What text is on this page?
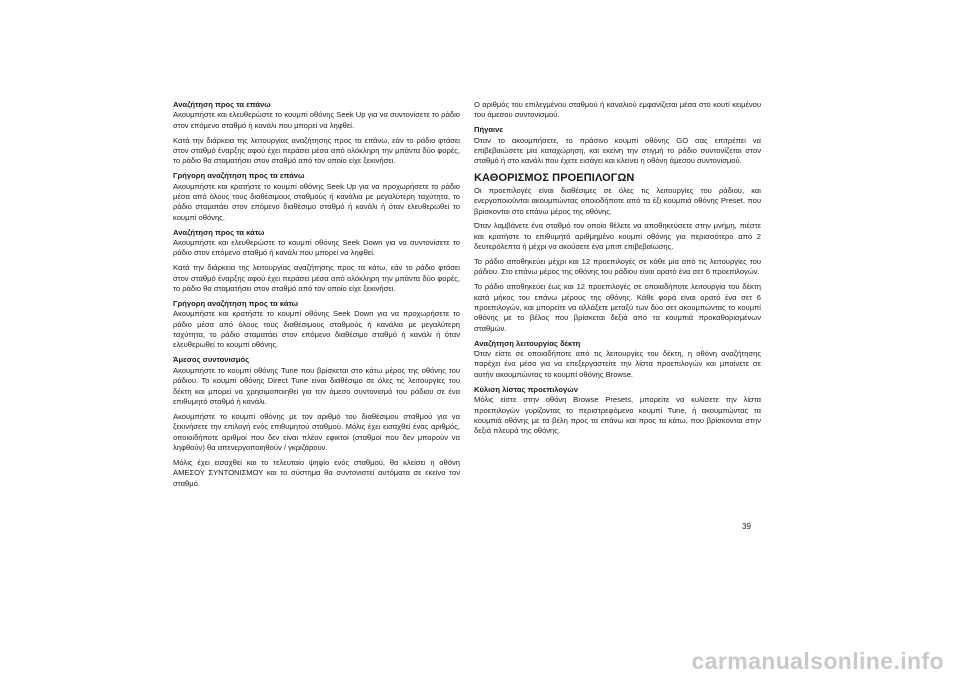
Αναζήτηση προς τα επάνω

Ακουμπήστε και ελευθερώστε το κουμπί οθόνης Seek Up για να συντονίσετε το ράδιο στον επόμενο σταθμό ή κανάλι που μπορεί να ληφθεί.

Κατά την διάρκεια της λειτουργίας αναζήτησης προς τα επάνω, εάν το ράδιο φτάσει στον σταθμό έναρξης αφού έχει περάσει μέσα από ολόκληρη την μπάντα δύο φορές, το ράδιο θα σταματήσει στον σταθμό από τον οποίο είχε ξεκινήσει.

Γρήγορη αναζήτηση προς τα επάνω

Ακουμπήστε και κρατήστε το κουμπί οθόνης Seek Up για να προχωρήσετε το ράδιο μέσα από όλους τους διαθέσιμους σταθμούς ή κανάλια με μεγαλύτερη ταχύτητα, το ράδιο σταματάει στον επόμενο διαθέσιμο σταθμό ή κανάλι ή όταν ελευθερωθεί το κουμπί οθόνης.

Αναζήτηση προς τα κάτω

Ακουμπήστε και ελευθερώστε το κουμπί οθόνης Seek Down για να συντονίσετε το ράδιο στον επόμενο σταθμό ή κανάλι που μπορεί να ληφθεί.

Κατά την διάρκεια της λειτουργίας αναζήτησης προς τα κάτω, εάν το ράδιο φτάσει στον σταθμό έναρξης αφού έχει περάσει μέσα από ολόκληρη την μπάντα δύο φορές, το ράδιο θα σταματήσει στον σταθμό από τον οποίο είχε ξεκινήσει.

Γρήγορη αναζήτηση προς τα κάτω

Ακουμπήστε και κρατήστε το κουμπί οθόνης Seek Down για να προχωρήσετε το ράδιο μέσα από όλους τους διαθέσιμους σταθμούς ή κανάλια με μεγαλύτερη ταχύτητα, το ράδιο σταματάει στον επόμενο διαθέσιμο σταθμό ή κανάλι ή όταν ελευθερωθεί το κουμπί οθόνης.

Άμεσος συντονισμός

Ακουμπήστε το κουμπί οθόνης Tune που βρίσκεται στο κάτω μέρος της οθόνης του ράδιου. Το κουμπί οθόνης Direct Tune είναι διαθέσιμο σε όλες τις λειτουργίες του δέκτη και μπορεί να χρησιμοποιηθεί για τον άμεσο συντονισμό του ράδιου σε ένα επιθυμητό σταθμό ή κανάλι.

Ακουμπήστε το κουμπί οθόνης με τον αριθμό του διαθέσιμου σταθμού για να ξεκινήσετε την επιλογή ενός επιθυμητού σταθμού. Μόλις έχει εισαχθεί ένας αριθμός, οποιοιδήποτε αριθμοί που δεν είναι πλέον εφικτοί (σταθμοί που δεν μπορούν να ληφθούν) θα απενεργοποιηθούν / γκριζάρουν.

Μόλις έχει εισαχθεί και το τελευταίο ψηφίο ενός σταθμού, θα κλείσει η οθόνη ΑΜΕΣΟΥ ΣΥΝΤΟΝΙΣΜΟΥ και το σύστημα θα συντονιστεί αυτόματα σε εκείνο τον σταθμό.

Ο αριθμός του επιλεγμένου σταθμού ή καναλιού εμφανίζεται μέσα στο κουτί κειμένου του άμεσου συντονισμού.

Πήγαινε

Όταν το ακουμπήσετε, το πράσινο κουμπί οθόνης GO σας επιτρέπει να επιβεβαιώσετε μία καταχώρηση, και εκείνη την στιγμή το ράδιο συντονίζεται στον σταθμό ή στο κανάλι που έχετε εισάγει και κλείνει η οθόνη άμεσου συντονισμού.

ΚΑΘΟΡΙΣΜΟΣ ΠΡΟΕΠΙΛΟΓΩΝ

Οι προεπιλογές είναι διαθέσιμες σε όλες τις λειτουργίες του ράδιου, και ενεργοποιούνται ακουμπώντας οποιοδήποτε από τα έξι κουμπιά οθόνης Preset, που βρίσκονται στο επάνω μέρος της οθόνης.

Όταν λαμβάνετε ένα σταθμό τον οποίο θέλετε να αποθηκεύσετε στην μνήμη, πιέστε και κρατήστε το επιθυμητό αριθμημένο κουμπί οθόνης για περισσότερο από 2 δευτερόλεπτα ή μέχρι να ακούσετε ένα μπιπ επιβεβαίωσης.

Το ράδιο αποθηκεύει μέχρι και 12 προεπιλογές σε κάθε μία από τις λειτουργίες του ράδιου. Στο επάνω μέρος της οθόνης του ράδιου είναι ορατό ένα σετ 6 προεπιλογών.

Το ράδιο αποθηκεύει έως και 12 προεπιλογές σε οποιαδήποτε λειτουργία του δέκτη κατά μήκος του επάνω μέρους της οθόνης. Κάθε φορά είναι ορατό ένα σετ 6 προεπιλογών, και μπορείτε να αλλάξετε μεταξύ των δύο σετ ακουμπώντας το κουμπί οθόνης με το βέλος που βρίσκεται δεξιά από τα κουμπιά προκαθορισμένων σταθμών.

Αναζήτηση λειτουργίας δέκτη

Όταν είστε σε οποιαδήποτε από τις λειτουργίες του δέκτη, η οθόνη αναζήτησης παρέχει ένα μέσο για να επεξεργαστείτε την λίστα προεπιλογών και μπαίνετε σε αυτήν ακουμπώντας το κουμπί οθόνης Browse.

Κύλιση λίστας προεπιλογών

Μόλις είστε στην οθόνη Browse Presets, μπορείτε να κυλίσετε την λίστα προεπιλογών γυρίζοντας το περιστρεφόμενο κουμπί Tune, ή ακουμπώντας τα κουμπιά οθόνης με τα βέλη προς τα επάνω και προς τα κάτω, που βρίσκονται στην δεξιά πλευρά της οθόνης.

39
carmanualsonline.info
